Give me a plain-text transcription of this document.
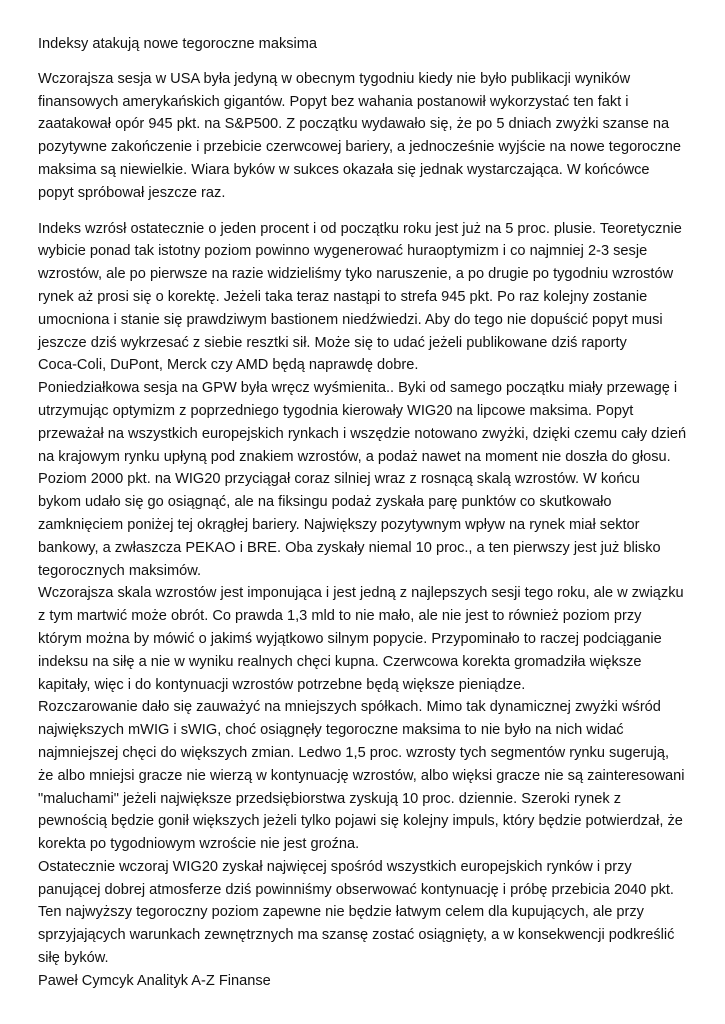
Indeksy atakują nowe tegoroczne maksima
Wczorajsza sesja w USA była jedyną w obecnym tygodniu kiedy nie było publikacji wyników
finansowych amerykańskich gigantów. Popyt bez wahania postanowił wykorzystać ten fakt i
zaatakował opór 945 pkt. na S&P500. Z początku wydawało się, że po 5 dniach zwyżki szanse na
pozytywne zakończenie i przebicie czerwcowej bariery, a jednocześnie wyjście na nowe tegoroczne
maksima są niewielkie. Wiara byków w sukces okazała się jednak wystarczająca. W końcówce
popyt spróbował jeszcze raz.
Indeks wzrósł ostatecznie o jeden procent i od początku roku jest już na 5 proc. plusie. Teoretycznie
wybicie ponad tak istotny poziom powinno wygenerować huraoptymizm i co najmniej 2-3 sesje
wzrostów, ale po pierwsze na razie widzieliśmy tyko naruszenie, a po drugie po tygodniu wzrostów
rynek aż prosi się o korektę. Jeżeli taka teraz nastąpi to strefa 945 pkt. Po raz kolejny zostanie
umocniona i stanie się prawdziwym bastionem niedźwiedzi. Aby do tego nie dopuścić popyt musi
jeszcze dziś wykrzesać z siebie resztki sił. Może się to udać jeżeli publikowane dziś raporty
Coca-Coli, DuPont, Merck czy AMD będą naprawdę dobre.
Poniedziałkowa sesja na GPW była wręcz wyśmienita.. Byki od samego początku miały przewagę i
utrzymując optymizm z poprzedniego tygodnia kierowały WIG20 na lipcowe maksima. Popyt
przeważał na wszystkich europejskich rynkach i wszędzie notowano zwyżki, dzięki czemu cały dzień
na krajowym rynku upłyną pod znakiem wzrostów, a podaż nawet na moment nie doszła do głosu.
Poziom 2000 pkt. na WIG20 przyciągał coraz silniej wraz z rosnącą skalą wzrostów. W końcu
bykom udało się go osiągnąć, ale na fiksingu podaż zyskała parę punktów co skutkowało
zamknięciem poniżej tej okrągłej bariery. Największy pozytywnym wpływ na rynek miał sektor
bankowy, a zwłaszcza PEKAO i BRE. Oba zyskały niemal 10 proc., a ten pierwszy jest już blisko
tegorocznych maksimów.
Wczorajsza skala wzrostów jest imponująca i jest jedną z najlepszych sesji tego roku, ale w związku
z tym martwić może obrót. Co prawda 1,3 mld to nie mało, ale nie jest to również poziom przy
którym można by mówić o jakimś wyjątkowo silnym popycie. Przypominało to raczej podciąganie
indeksu na siłę a nie w wyniku realnych chęci kupna. Czerwcowa korekta gromadziła większe
kapitały, więc i do kontynuacji wzrostów potrzebne będą większe pieniądze.
Rozczarowanie dało się zauważyć na mniejszych spółkach. Mimo tak dynamicznej zwyżki wśród
największych mWIG i sWIG, choć osiągnęły tegoroczne maksima to nie było na nich widać
najmniejszej chęci do większych zmian. Ledwo 1,5 proc. wzrosty tych segmentów rynku sugerują,
że albo mniejsi gracze nie wierzą w kontynuację wzrostów, albo więksi gracze nie są zainteresowani
"maluchami" jeżeli największe przedsiębiorstwa zyskują 10 proc. dziennie. Szeroki rynek z
pewnością będzie gonił większych jeżeli tylko pojawi się kolejny impuls, który będzie potwierdzał, że
korekta po tygodniowym wzroście nie jest groźna.
Ostatecznie wczoraj WIG20 zyskał najwięcej spośród wszystkich europejskich rynków i przy
panującej dobrej atmosferze dziś powinniśmy obserwować kontynuację i próbę przebicia 2040 pkt.
Ten najwyższy tegoroczny poziom zapewne nie będzie łatwym celem dla kupujących, ale przy
sprzyjających warunkach zewnętrznych ma szansę zostać osiągnięty, a w konsekwencji podkreślić
siłę byków.

Paweł Cymcyk Analityk A-Z Finanse
